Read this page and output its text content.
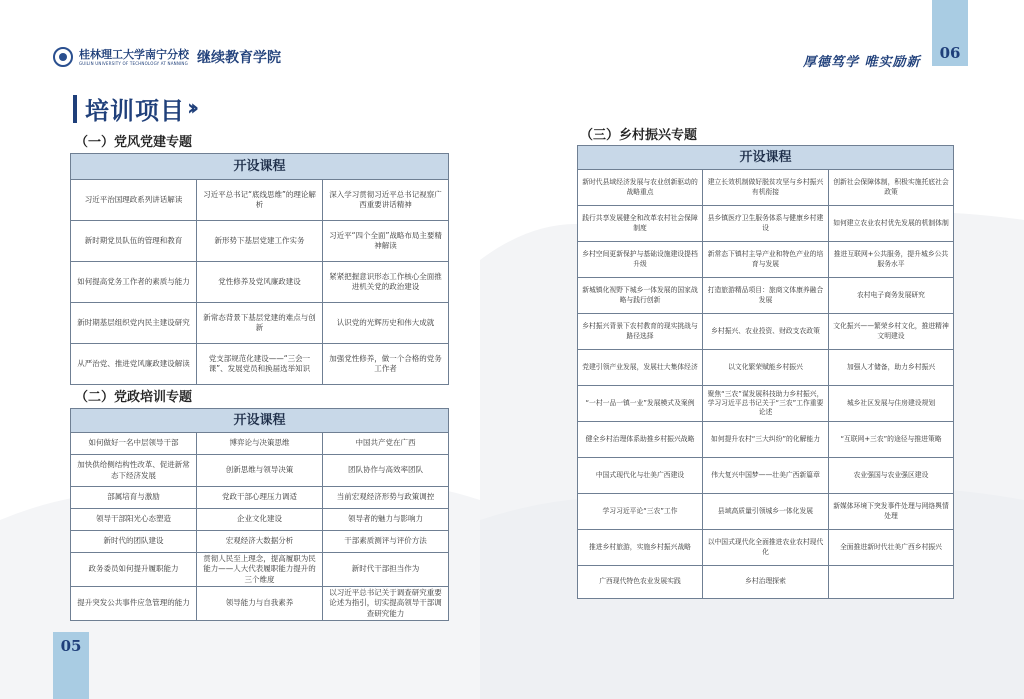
桂林理工大学南宁分校
GUILIN UNIVERSITY OF TECHNOLOGY AT NANNING 继续教育学院	厚德笃学 唯实励新
06
05
培训项目 ››
（一）党风党建专题
开设课程		
习近平治国理政系列讲话解读	习近平总书记“底线思维”的理论解析	深入学习贯彻习近平总书记视察广西重要讲话精神
新时期党员队伍的管理和教育	新形势下基层党建工作实务	习近平“四个全面”战略布局主要精神解读
如何提高党务工作者的素质与能力	党性修养及党风廉政建设	紧紧把握意识形态工作核心全面推进机关党的政治建设
新时期基层组织党内民主建设研究	新常态背景下基层党建的难点与创新	认识党的光辉历史和伟大成就
从严治党、推进党风廉政建设解读	党支部规范化建设——“三会一课”、发展党员和换届选举知识	加强党性修养，做一个合格的党务工作者
（二）党政培训专题
开设课程		
如何做好一名中层领导干部	博弈论与决策思维	中国共产党在广西
加快供给侧结构性改革、促进新常态下经济发展	创新思维与领导决策	团队协作与高效率团队
部属培育与激励	党政干部心理压力调适	当前宏观经济形势与政策调控
领导干部阳光心态塑造	企业文化建设	领导者的魅力与影响力
新时代的团队建设	宏观经济大数据分析	干部素质测评与评价方法
政务委员如何提升履职能力	贯彻人民至上理念，提高履职为民能力——人大代表履职能力提升的三个维度	新时代干部担当作为
提升突发公共事件应急管理的能力	领导能力与自我素养	以习近平总书记关于调查研究重要论述为指引，切实提高领导干部调查研究能力
（三）乡村振兴专题
开设课程		
新时代县域经济发展与农业创新驱动的战略重点	建立长效机制做好脱贫攻坚与乡村振兴有机衔接	创新社会保障体制，积极实施托底社会政策
践行共享发展健全和改革农村社会保障制度	县乡镇医疗卫生服务体系与健康乡村建设	如何建立农业农村优先发展的机制体制
乡村空间更新保护与基础设施建设提档升级	新常态下镇村主导产业和特色产业的培育与发展	推进互联网+公共服务，提升城乡公共服务水平
新城镇化视野下城乡一体发展的国家战略与践行创新	打造旅游精品项目：旅商文体康养融合发展	农村电子商务发展研究
乡村振兴背景下农村教育的现实挑战与路径选择	乡村振兴、农业投资、财政支农政策	文化振兴——繁荣乡村文化，推进精神文明建设
党建引领产业发展，发展壮大集体经济	以文化繁荣赋能乡村振兴	加强人才储备，助力乡村振兴
“一村一品一镇一业”发展模式及案例	聚焦“三农”谋发展科技助力乡村振兴，学习习近平总书记关于“三农”工作重要论述	城乡社区发展与住房建设规划
健全乡村治理体系助推乡村振兴战略	如何提升农村“三大纠纷”的化解能力	“互联网+三农”的途径与推进策略
中国式现代化与壮美广西建设	伟大复兴中国梦——壮美广西新篇章	农业强国与农业强区建设
学习习近平论“三农”工作	县域高质量引领城乡一体化发展	新媒体环境下突发事件处理与网络舆情处理
推进乡村旅游，实施乡村振兴战略	以中国式现代化全面推进农业农村现代化	全面推进新时代壮美广西乡村振兴
广西现代特色农业发展实践	乡村治理探索	
